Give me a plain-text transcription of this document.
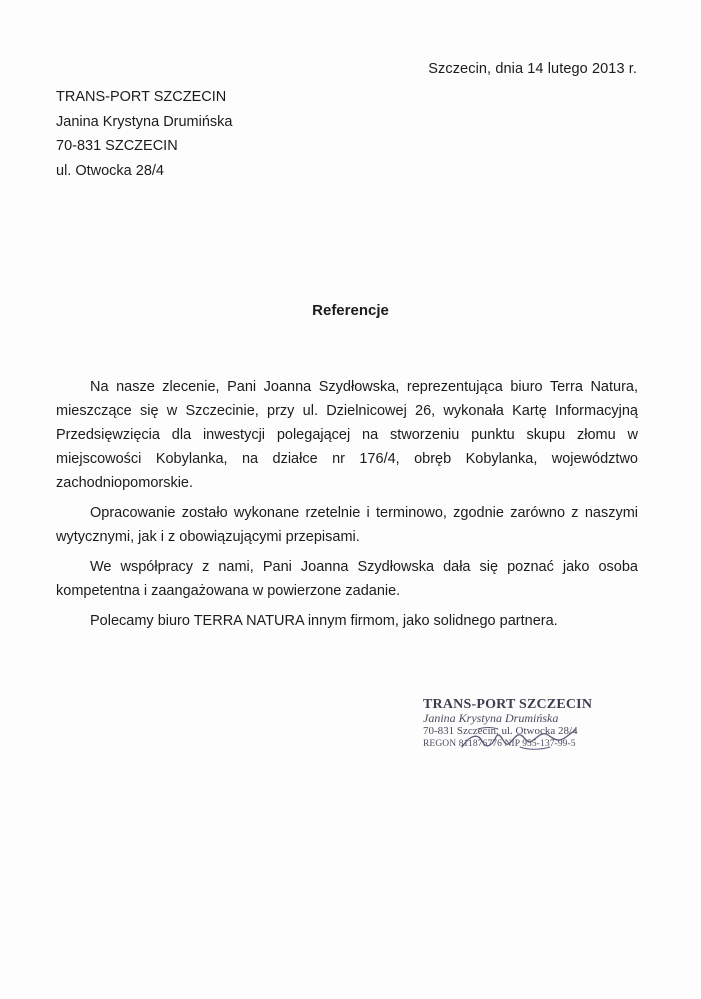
Szczecin, dnia 14 lutego 2013 r.
TRANS-PORT SZCZECIN
Janina Krystyna Drumińska
70-831 SZCZECIN
ul. Otwocka 28/4
Referencje

Na nasze zlecenie, Pani Joanna Szydłowska, reprezentująca biuro Terra Natura, mieszczące się w Szczecinie, przy ul. Dzielnicowej 26, wykonała Kartę Informacyjną Przedsięwzięcia dla inwestycji polegającej na stworzeniu punktu skupu złomu w miejscowości Kobylanka, na działce nr 176/4, obręb Kobylanka, województwo zachodniopomorskie.

Opracowanie zostało wykonane rzetelnie i terminowo, zgodnie zarówno z naszymi wytycznymi, jak i z obowiązującymi przepisami.

We współpracy z nami, Pani Joanna Szydłowska dała się poznać jako osoba kompetentna i zaangażowana w powierzone zadanie.

Polecamy biuro TERRA NATURA innym firmom, jako solidnego partnera.

TRANS-PORT SZCZECIN
Janina Krystyna Drumińska
70-831 Szczecin, ul. Otwocka 28/4
REGON 811876776 NIP 955-137-99-5
